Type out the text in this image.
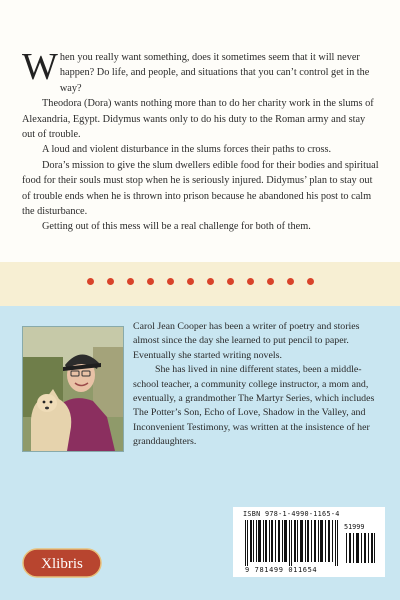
When you really want something, does it sometimes seem that it will never happen? Do life, and people, and situations that you can’t control get in the way?

Theodora (Dora) wants nothing more than to do her charity work in the slums of Alexandria, Egypt. Didymus wants only to do his duty to the Roman army and stay out of trouble.

A loud and violent disturbance in the slums forces their paths to cross.

Dora’s mission to give the slum dwellers edible food for their bodies and spiritual food for their souls must stop when he is seriously injured. Didymus’ plan to stay out of trouble ends when he is thrown into prison because he abandoned his post to calm the disturbance.

Getting out of this mess will be a real challenge for both of them.

Carol Jean Cooper has been a writer of poetry and stories almost since the day she learned to put pencil to paper. Eventually she started writing novels.

She has lived in nine different states, been a middle-school teacher, a community college instructor, a mom and, eventually, a grandmother The Martyr Series, which includes The Potter’s Son, Echo of Love, Shadow in the Valley, and Inconvenient Testimony, was written at the insistence of her granddaughters.

ISBN 978-1-4990-1165-4
51999
9 781499 011654
Xlibris
